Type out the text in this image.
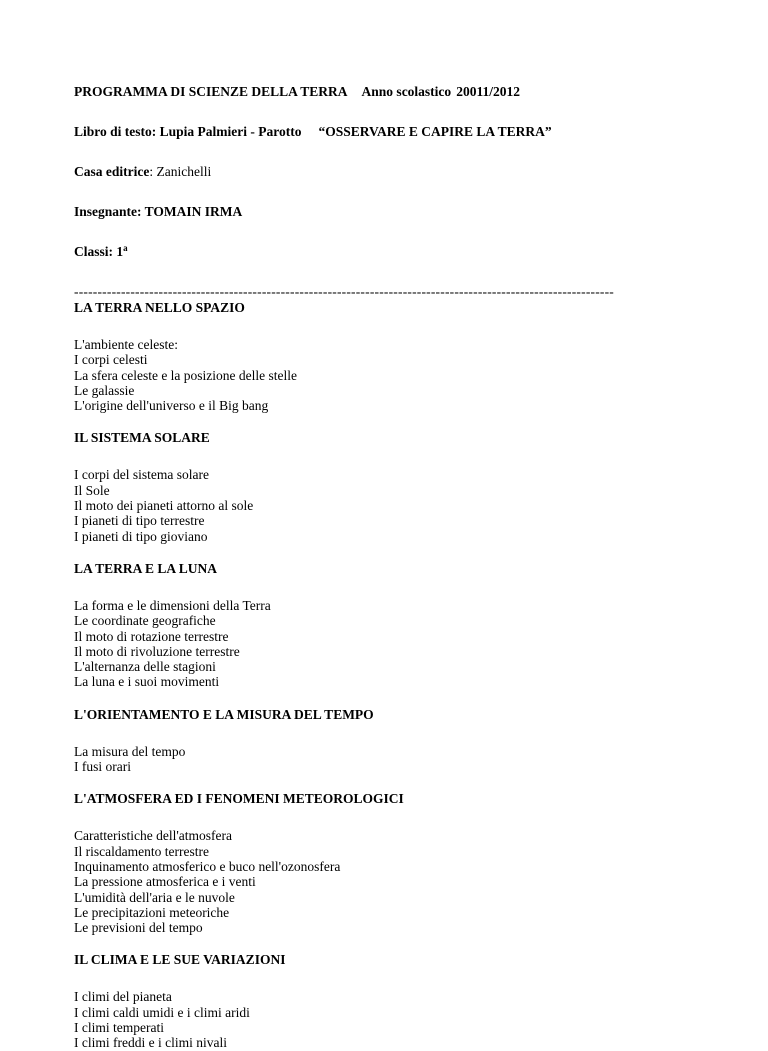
PROGRAMMA DI SCIENZE DELLA TERRA Anno scolastico 20011/2012
Libro di testo: Lupia Palmieri - Parotto “OSSERVARE E CAPIRE LA TERRA”
Casa editrice: Zanichelli
Insegnante: TOMAIN IRMA
Classi: 1$^a$
-------------------------------------------------------------------------------------------------------------------
LA TERRA NELLO SPAZIO
L'ambiente celeste:
I corpi celesti
La sfera celeste e la posizione delle stelle
Le galassie
L'origine dell'universo e il Big bang
IL SISTEMA SOLARE
I corpi del sistema solare
Il Sole
Il moto dei pianeti attorno al sole
I pianeti di tipo terrestre
I pianeti di tipo gioviano
LA TERRA E LA LUNA
La forma e le dimensioni della Terra
Le coordinate geografiche
Il moto di rotazione terrestre
Il moto di rivoluzione terrestre
L'alternanza delle stagioni
La luna e i suoi movimenti
L'ORIENTAMENTO E LA MISURA DEL TEMPO
La misura del tempo
I fusi orari
L'ATMOSFERA ED I FENOMENI METEOROLOGICI
Caratteristiche dell'atmosfera
Il riscaldamento terrestre
Inquinamento atmosferico e buco nell'ozonosfera
La pressione atmosferica e i venti
L'umidità dell'aria e le nuvole
Le precipitazioni meteoriche
Le previsioni del tempo
IL CLIMA E LE SUE VARIAZIONI
I climi del pianeta
I climi caldi umidi e i climi aridi
I climi temperati
I climi freddi e i climi nivali
